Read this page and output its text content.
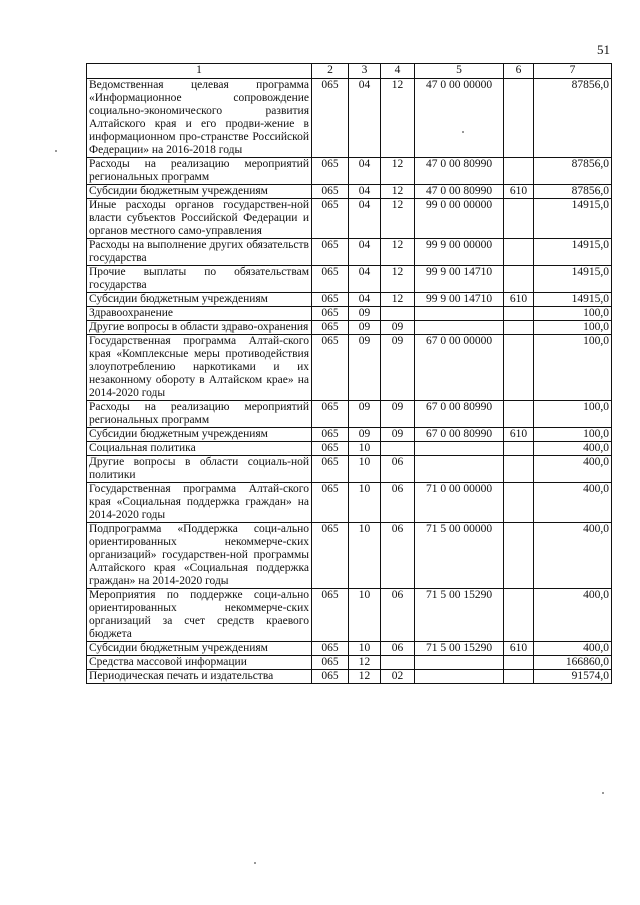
51
1	2	3	4	5	6	7
Ведомственная целевая программа «Информационное сопровождение социально-экономического развития Алтайского края и его продви-жение в информационном про-странстве Российской Федерации» на 2016-2018 годы	065	04	12	47 0 00 00000		87856,0
Расходы на реализацию мероприятий региональных программ	065	04	12	47 0 00 80990		87856,0
Субсидии бюджетным учреждениям	065	04	12	47 0 00 80990	610	87856,0
Иные расходы органов государствен-ной власти субъектов Российской Федерации и органов местного само-управления	065	04	12	99 0 00 00000		14915,0
Расходы на выполнение других обязательств государства	065	04	12	99 9 00 00000		14915,0
Прочие выплаты по обязательствам государства	065	04	12	99 9 00 14710		14915,0
Субсидии бюджетным учреждениям	065	04	12	99 9 00 14710	610	14915,0
Здравоохранение	065	09				100,0
Другие вопросы в области здраво-охранения	065	09	09			100,0
Государственная программа Алтай-ского края «Комплексные меры противодействия злоупотреблению наркотиками и их незаконному обороту в Алтайском крае» на 2014-2020 годы	065	09	09	67 0 00 00000		100,0
Расходы на реализацию мероприятий региональных программ	065	09	09	67 0 00 80990		100,0
Субсидии бюджетным учреждениям	065	09	09	67 0 00 80990	610	100,0
Социальная политика	065	10				400,0
Другие вопросы в области социаль-ной политики	065	10	06			400,0
Государственная программа Алтай-ского края «Социальная поддержка граждан» на 2014-2020 годы	065	10	06	71 0 00 00000		400,0
Подпрограмма «Поддержка соци-ально ориентированных некоммерче-ских организаций» государствен-ной программы Алтайского края «Социальная поддержка граждан» на 2014-2020 годы	065	10	06	71 5 00 00000		400,0
Мероприятия по поддержке соци-ально ориентированных некоммерче-ских организаций за счет средств краевого бюджета	065	10	06	71 5 00 15290		400,0
Субсидии бюджетным учреждениям	065	10	06	71 5 00 15290	610	400,0
Средства массовой информации	065	12				166860,0
Периодическая печать и издательства	065	12	02			91574,0
